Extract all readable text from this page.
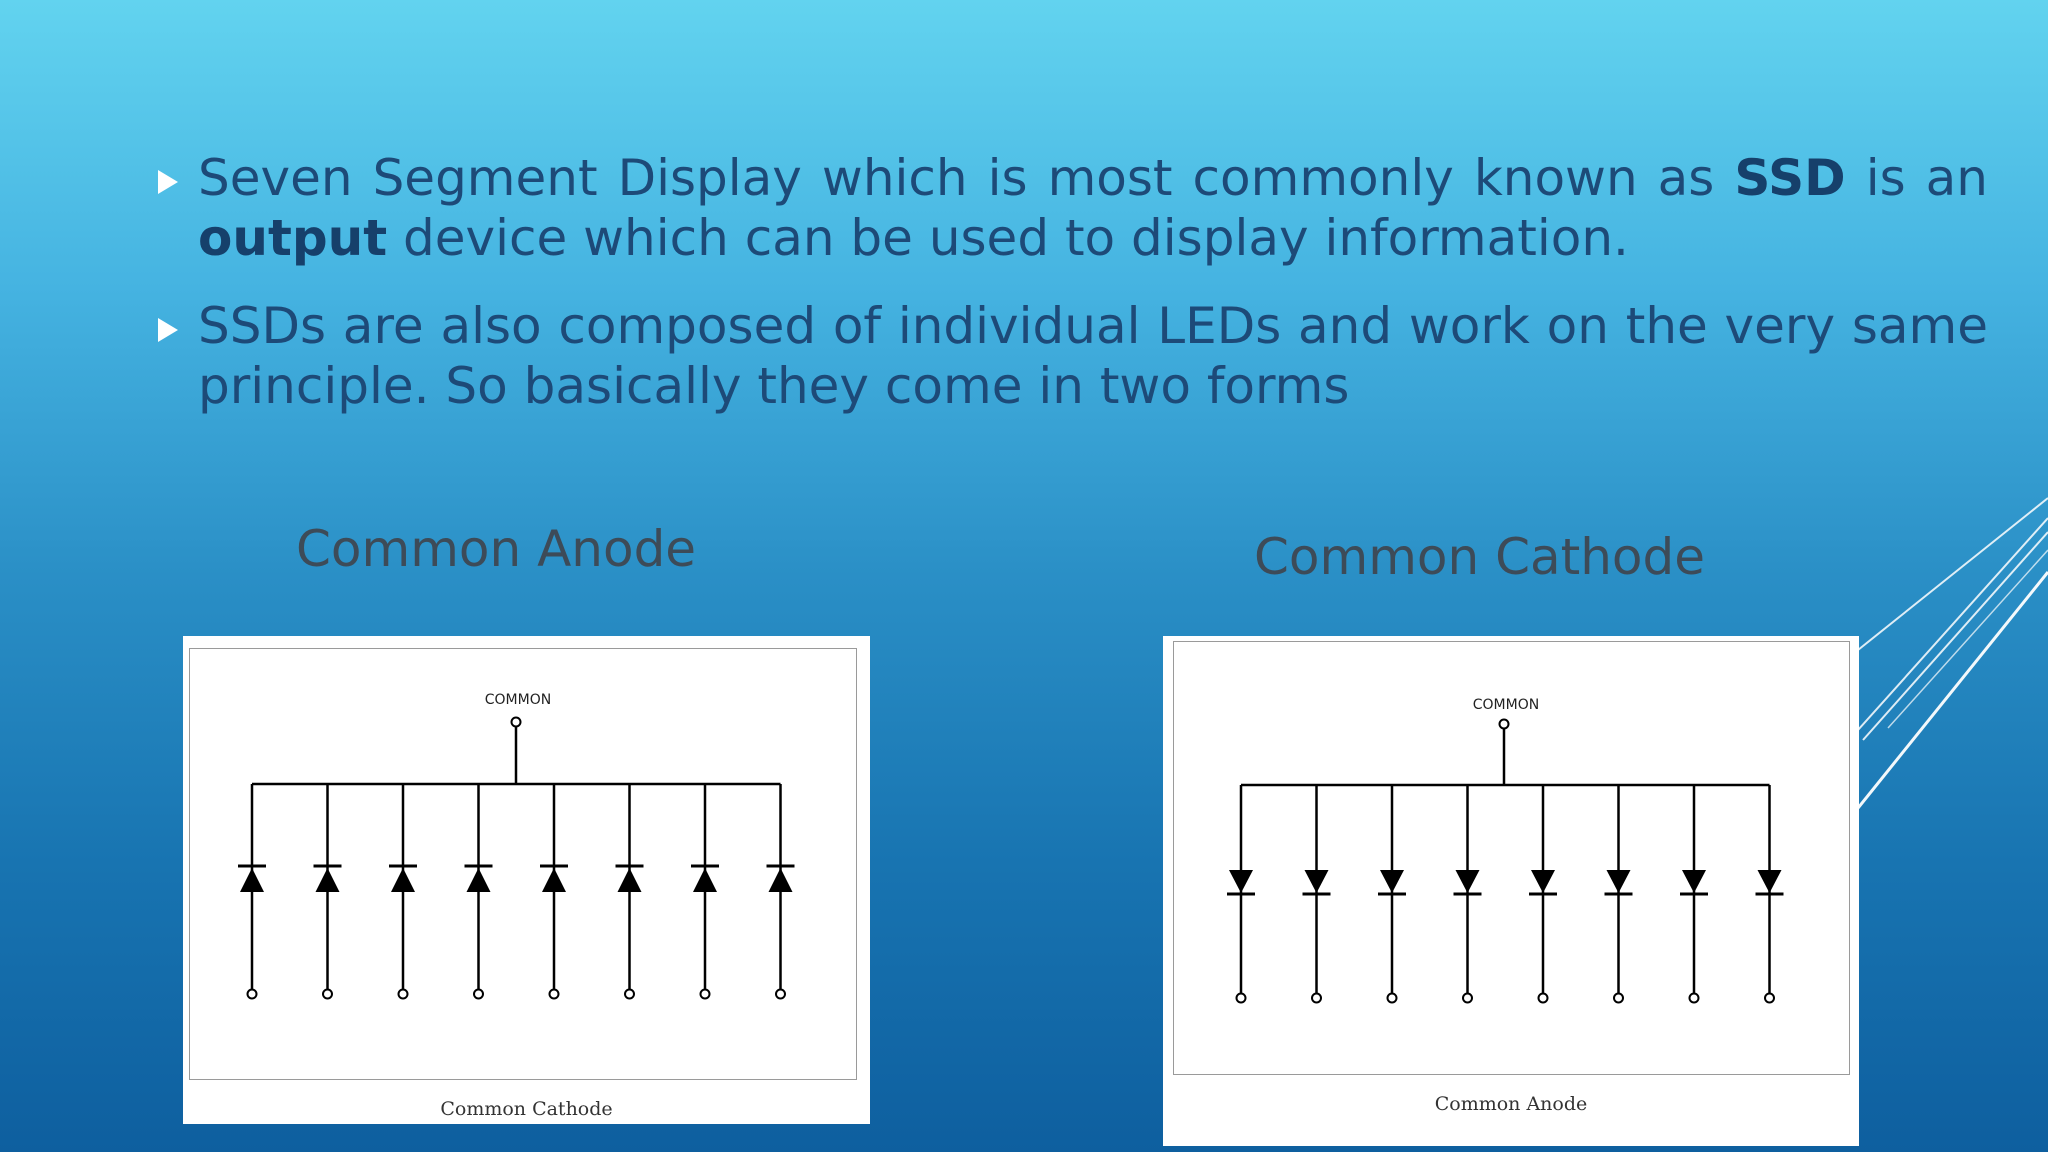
Seven Segment Display which is most commonly known as SSD is an output device which can be used to display information.
SSDs are also composed of individual LEDs and work on the very same principle. So basically they come in two forms
Common Anode	Common Cathode
COMMON
Common Cathode
COMMON
Common Anode
